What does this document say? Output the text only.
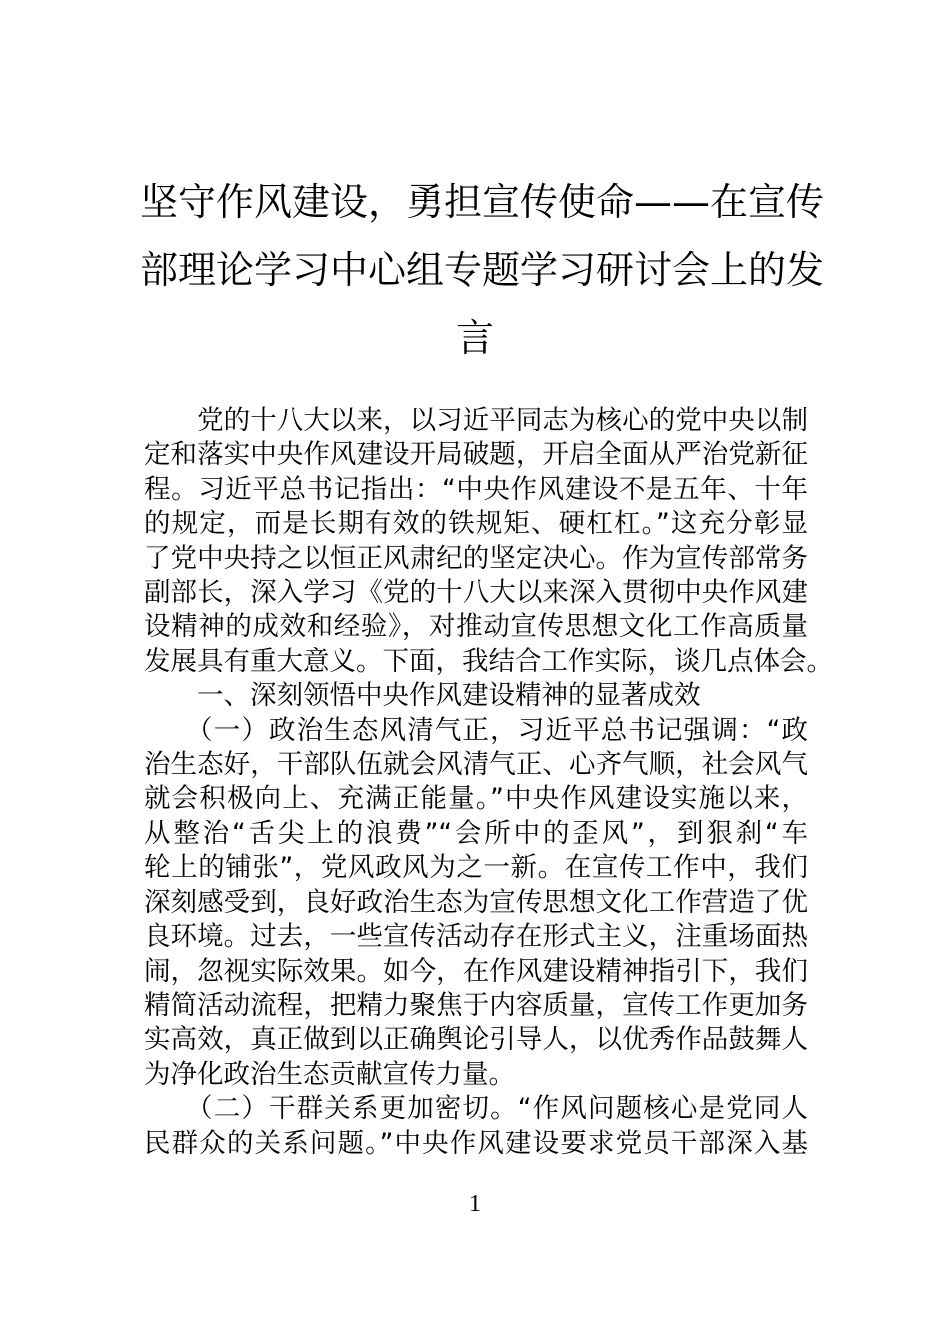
坚守作风建设，勇担宣传使命——在宣传
部理论学习中心组专题学习研讨会上的发
言
　　党的十八大以来，以习近平同志为核心的党中央以制
定和落实中央作风建设开局破题，开启全面从严治党新征
程。习近平总书记指出：“中央作风建设不是五年、十年
的规定，而是长期有效的铁规矩、硬杠杠。”这充分彰显
了党中央持之以恒正风肃纪的坚定决心。作为宣传部常务
副部长，深入学习《党的十八大以来深入贯彻中央作风建
设精神的成效和经验》，对推动宣传思想文化工作高质量
发展具有重大意义。下面，我结合工作实际，谈几点体会。
　　一、深刻领悟中央作风建设精神的显著成效
　　（一）政治生态风清气正，习近平总书记强调：“政
治生态好，干部队伍就会风清气正、心齐气顺，社会风气
就会积极向上、充满正能量。”中央作风建设实施以来，
从整治“舌尖上的浪费”“会所中的歪风”，到狠刹“车
轮上的铺张”，党风政风为之一新。在宣传工作中，我们
深刻感受到，良好政治生态为宣传思想文化工作营造了优
良环境。过去，一些宣传活动存在形式主义，注重场面热
闹，忽视实际效果。如今，在作风建设精神指引下，我们
精简活动流程，把精力聚焦于内容质量，宣传工作更加务
实高效，真正做到以正确舆论引导人，以优秀作品鼓舞人
为净化政治生态贡献宣传力量。
　　（二）干群关系更加密切。“作风问题核心是党同人
民群众的关系问题。”中央作风建设要求党员干部深入基
1
